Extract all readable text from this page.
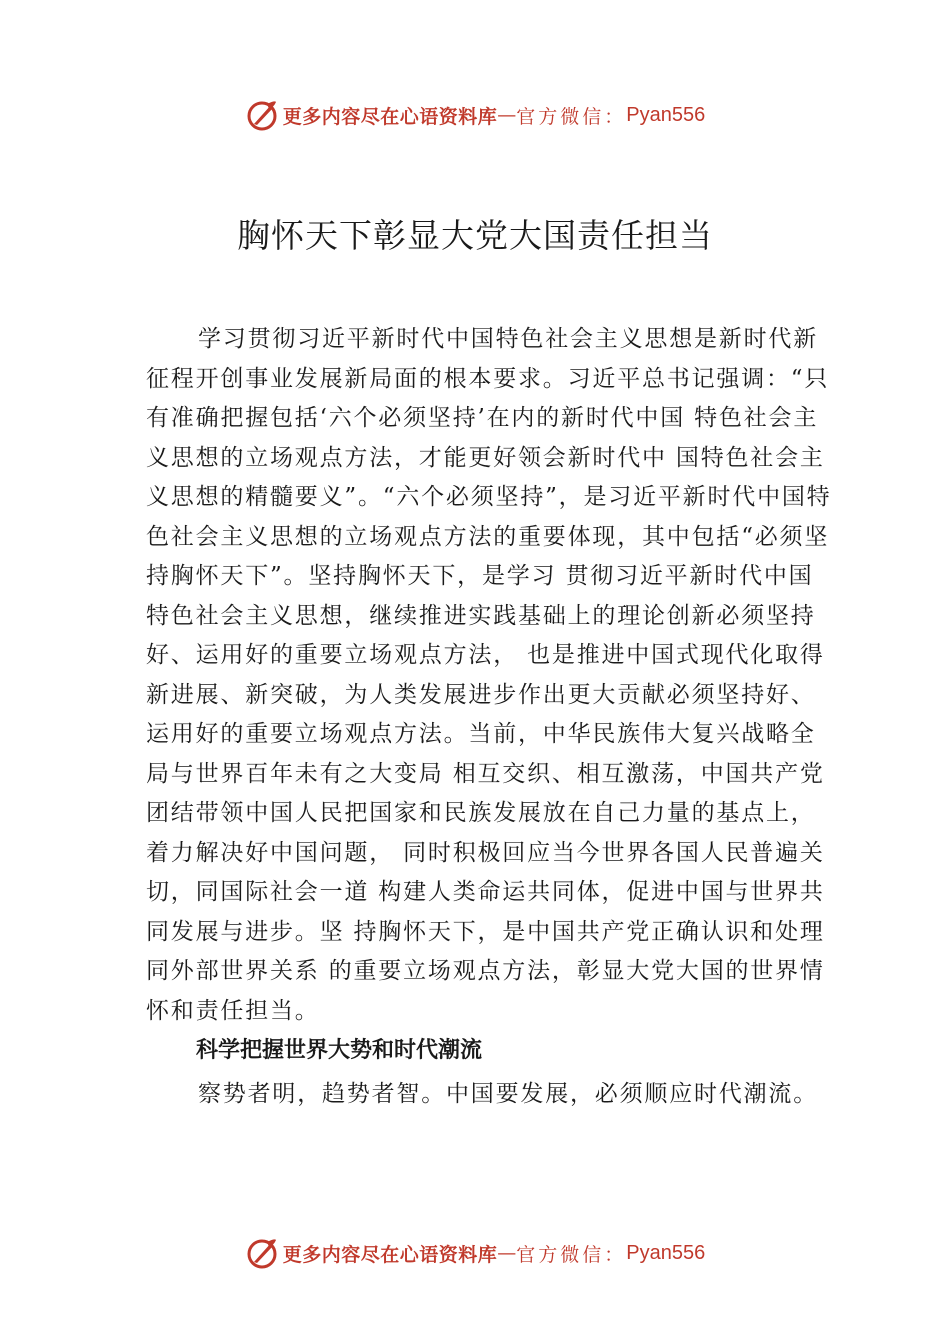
更多内容尽在心语资料库 — 官方微信： Pyan556
胸怀天下彰显大党大国责任担当

学习贯彻习近平新时代中国特色社会主义思想是新时代新征程开创事业发展新局面的根本要求。习近平总书记强调：“只有准确把握包括‘六个必须坚持’在内的新时代中国 特色社会主义思想的立场观点方法，才能更好领会新时代中 国特色社会主义思想的精髓要义”。“六个必须坚持”，是习近平新时代中国特色社会主义思想的立场观点方法的重要体现，其中包括“必须坚持胸怀天下”。坚持胸怀天下，是学习 贯彻习近平新时代中国特色社会主义思想，继续推进实践基础上的理论创新必须坚持好、运用好的重要立场观点方法， 也是推进中国式现代化取得新进展、新突破，为人类发展进步作出更大贡献必须坚持好、运用好的重要立场观点方法。当前，中华民族伟大复兴战略全局与世界百年未有之大变局 相互交织、相互激荡，中国共产党团结带领中国人民把国家和民族发展放在自己力量的基点上，着力解决好中国问题， 同时积极回应当今世界各国人民普遍关切，同国际社会一道 构建人类命运共同体，促进中国与世界共同发展与进步。坚 持胸怀天下，是中国共产党正确认识和处理同外部世界关系 的重要立场观点方法，彰显大党大国的世界情怀和责任担当。

科学把握世界大势和时代潮流

察势者明，趋势者智。中国要发展，必须顺应时代潮流。

更多内容尽在心语资料库 — 官方微信： Pyan556
